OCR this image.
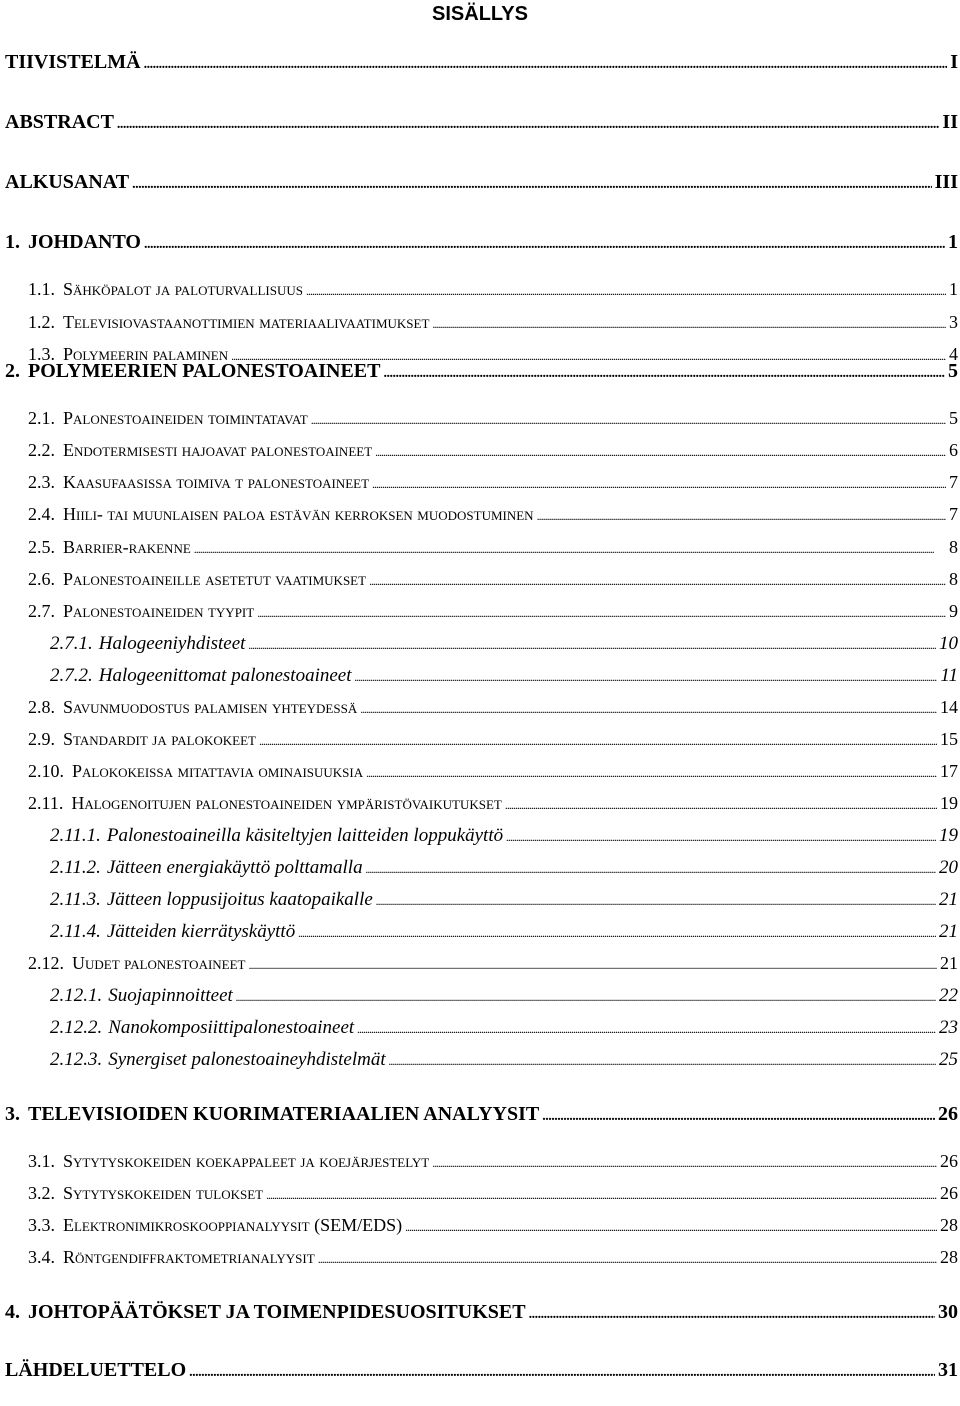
SISÄLLYS
TIIVISTELMÄ . . .	I
ABSTRACT . . .	II
ALKUSANAT . . .	III
1. JOHDANTO . . .	1
1.1. Sähköpalot ja paloturvallisuus . . .	1
1.2. Televisiovastaanottimien materiaalivaatimukset . . .	3
1.3. Polymeerin palaminen . . .	4
2. POLYMEERIEN PALONESTOAINEET . . .	5
2.1. Palonestoaineiden toimintatavat . . .	5
2.2. Endotermisesti hajoavat palonestoaineet . . .	6
2.3. Kaasufaasissa toimiva t palonestoaineet . . .	7
2.4. Hiili- tai muunlaisen paloa estävän kerroksen muodostuminen . . .	7
2.5. Barrier-rakenne . . .	8
2.6. Palonestoaineille asetetut vaatimukset . . .	8
2.7. Palonestoaineiden tyypit . . .	9
2.7.1. Halogeeniyhdisteet . . .	10
2.7.2. Halogeenittomat palonestoaineet . . .	11
2.8. Savunmuodostus palamisen yhteydessä . . .	14
2.9. Standardit ja palokokeet . . .	15
2.10. Palokokeissa mitattavia ominaisuuksia . . .	17
2.11. Halogenoitujen palonestoaineiden ympäristövaikutukset . . .	19
2.11.1. Palonestoaineilla käsiteltyjen laitteiden loppukäyttö . . .	19
2.11.2. Jätteen energiakäyttö polttamalla . . .	20
2.11.3. Jätteen loppusijoitus kaatopaikalle . . .	21
2.11.4. Jätteiden kierrätyskäyttö . . .	21
2.12. Uudet palonestoaineet . . .	21
2.12.1. Suojapinnoitteet . . .	22
2.12.2. Nanokomposiittipalonestoaineet . . .	23
2.12.3. Synergiset palonestoaineyhdistelmät . . .	25
3. TELEVISIOIDEN KUORIMATERIAALIEN ANALYYSIT . . .	26
3.1. Sytytyskokeiden koekappaleet ja koejärjestelyt . . .	26
3.2. Sytytyskokeiden tulokset . . .	26
3.3. Elektronimikroskooppianalyysit (SEM/EDS) . . .	28
3.4. Röntgendiffraktometrianalyysit . . .	28
4. JOHTOPÄÄTÖKSET JA TOIMENPIDESUOSITUKSET . . .	30
LÄHDELUETTELO . . .	31
